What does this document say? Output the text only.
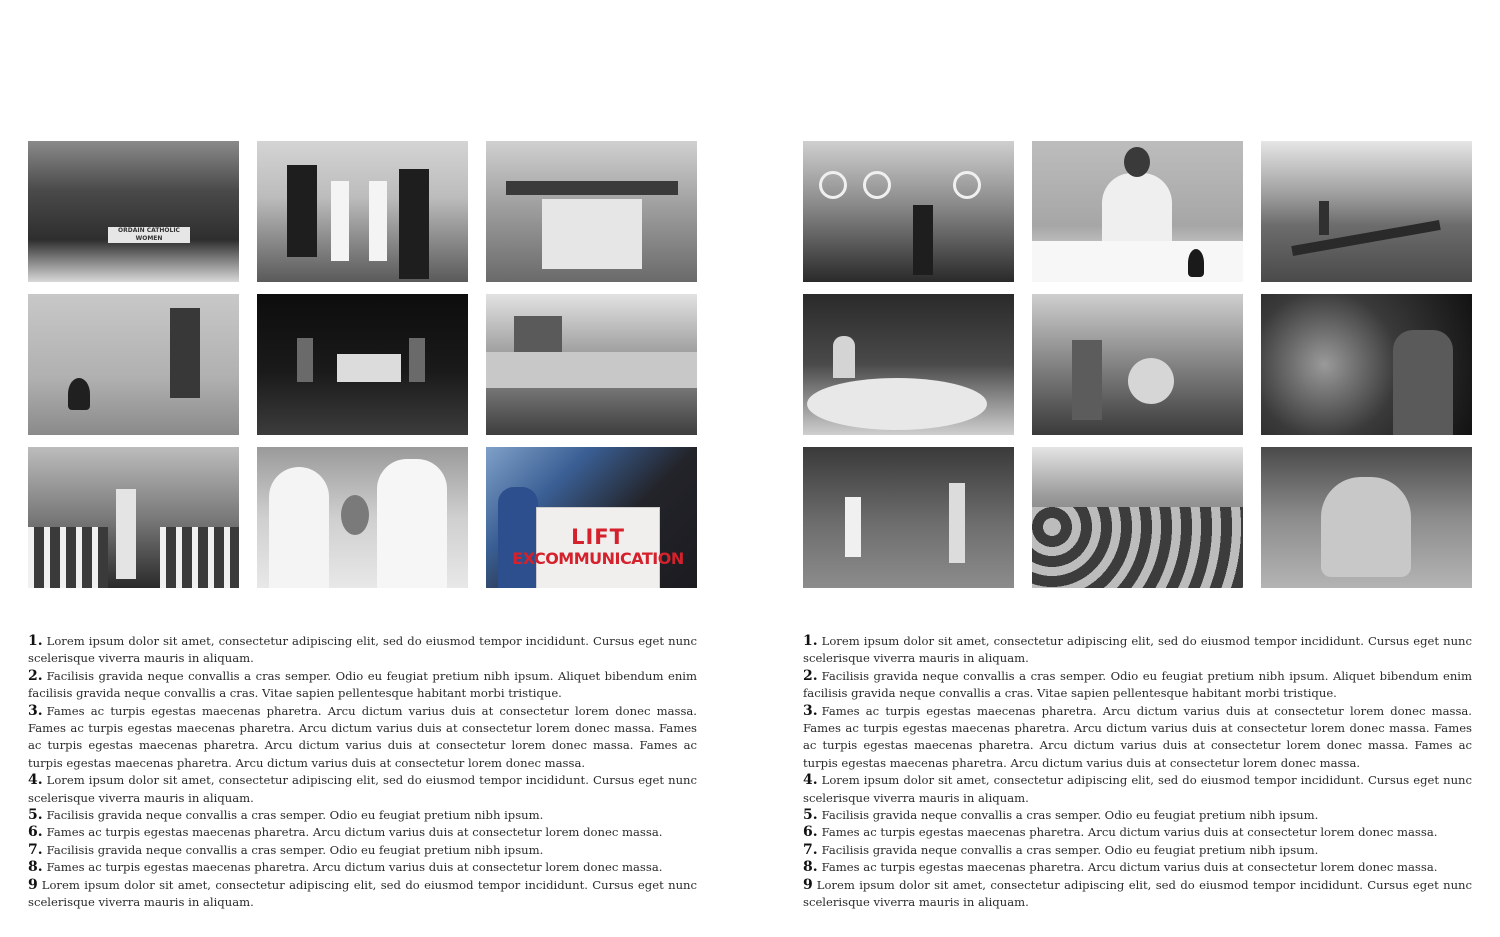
ORDAIN CATHOLIC WOMEN
LIFT
EXCOMMUNICATION

1. Lorem ipsum dolor sit amet, consectetur adipiscing elit, sed do eiusmod tempor incididunt. Cursus eget nunc scelerisque viverra mauris in aliquam.

2. Facilisis gravida neque convallis a cras semper. Odio eu feugiat pretium nibh ipsum. Aliquet bibendum enim facilisis gravida neque convallis a cras. Vitae sapien pellentesque habitant morbi tristique.

3. Fames ac turpis egestas maecenas pharetra. Arcu dictum varius duis at consectetur lorem donec massa. Fames ac turpis egestas maecenas pharetra. Arcu dictum varius duis at consectetur lorem donec massa. Fames ac turpis egestas maecenas pharetra. Arcu dictum varius duis at consectetur lorem donec massa. Fames ac turpis egestas maecenas pharetra. Arcu dictum varius duis at consectetur lorem donec massa.

4. Lorem ipsum dolor sit amet, consectetur adipiscing elit, sed do eiusmod tempor incididunt. Cursus eget nunc scelerisque viverra mauris in aliquam.

5. Facilisis gravida neque convallis a cras semper. Odio eu feugiat pretium nibh ipsum.

6. Fames ac turpis egestas maecenas pharetra. Arcu dictum varius duis at consectetur lorem donec massa.

7. Facilisis gravida neque convallis a cras semper. Odio eu feugiat pretium nibh ipsum.

8. Fames ac turpis egestas maecenas pharetra. Arcu dictum varius duis at consectetur lorem donec massa.

9 Lorem ipsum dolor sit amet, consectetur adipiscing elit, sed do eiusmod tempor incididunt. Cursus eget nunc scelerisque viverra mauris in aliquam.

1. Lorem ipsum dolor sit amet, consectetur adipiscing elit, sed do eiusmod tempor incididunt. Cursus eget nunc scelerisque viverra mauris in aliquam.

2. Facilisis gravida neque convallis a cras semper. Odio eu feugiat pretium nibh ipsum. Aliquet bibendum enim facilisis gravida neque convallis a cras. Vitae sapien pellentesque habitant morbi tristique.

3. Fames ac turpis egestas maecenas pharetra. Arcu dictum varius duis at consectetur lorem donec massa. Fames ac turpis egestas maecenas pharetra. Arcu dictum varius duis at consectetur lorem donec massa. Fames ac turpis egestas maecenas pharetra. Arcu dictum varius duis at consectetur lorem donec massa. Fames ac turpis egestas maecenas pharetra. Arcu dictum varius duis at consectetur lorem donec massa.

4. Lorem ipsum dolor sit amet, consectetur adipiscing elit, sed do eiusmod tempor incididunt. Cursus eget nunc scelerisque viverra mauris in aliquam.

5. Facilisis gravida neque convallis a cras semper. Odio eu feugiat pretium nibh ipsum.

6. Fames ac turpis egestas maecenas pharetra. Arcu dictum varius duis at consectetur lorem donec massa.

7. Facilisis gravida neque convallis a cras semper. Odio eu feugiat pretium nibh ipsum.

8. Fames ac turpis egestas maecenas pharetra. Arcu dictum varius duis at consectetur lorem donec massa.

9 Lorem ipsum dolor sit amet, consectetur adipiscing elit, sed do eiusmod tempor incididunt. Cursus eget nunc scelerisque viverra mauris in aliquam.
